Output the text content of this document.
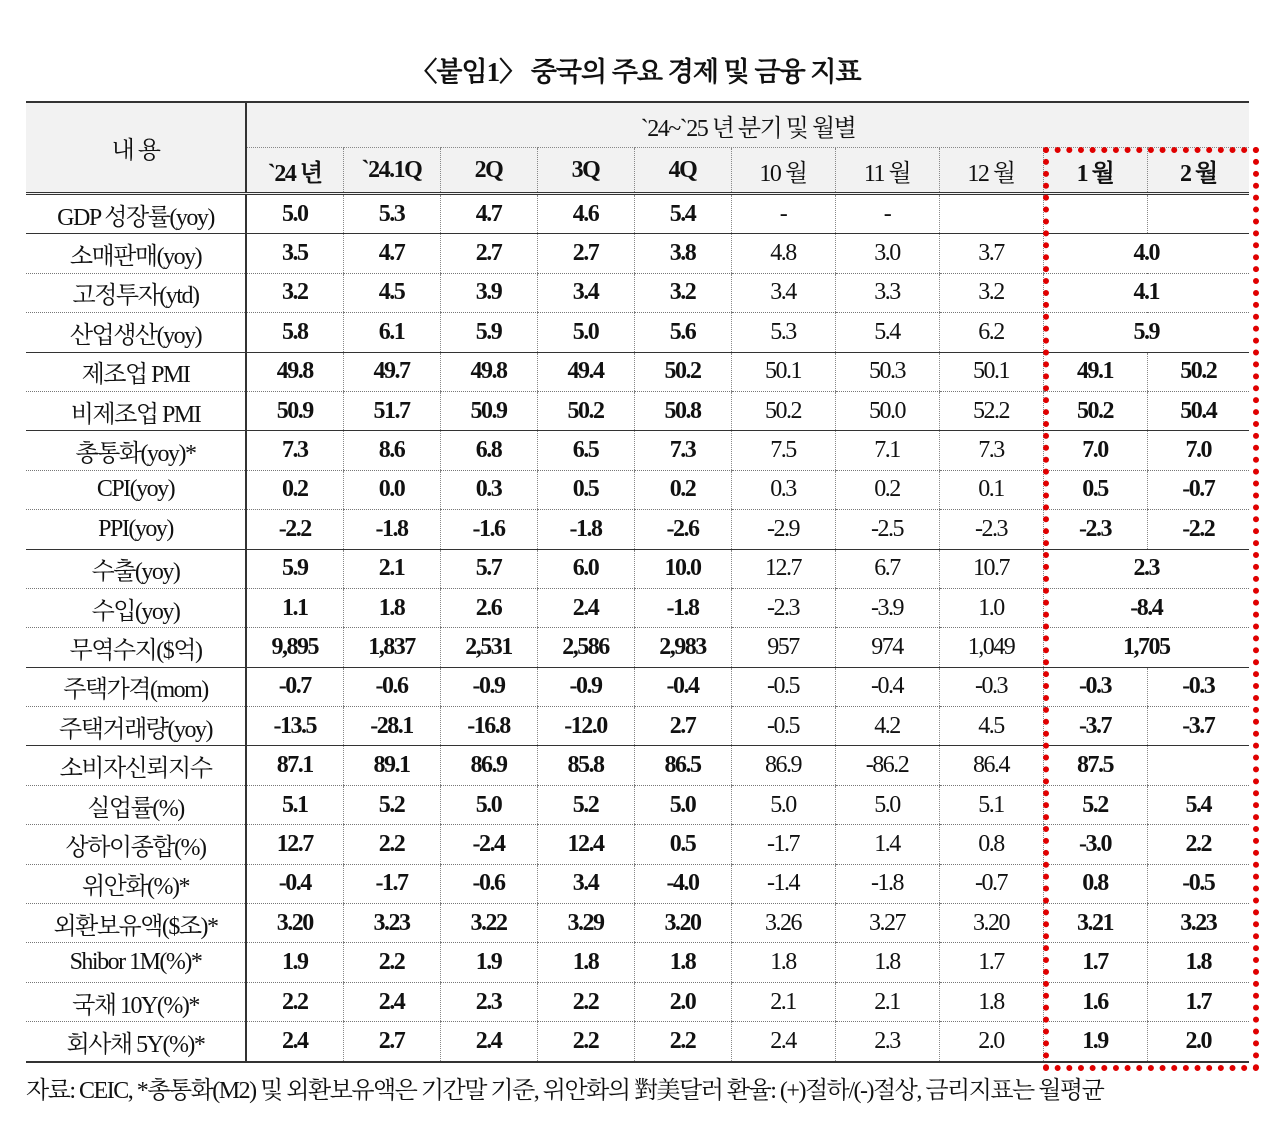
〈붙임1〉 중국의 주요 경제 및 금융 지표
내 용	`24~`25 년 분기 및 월별									
	`24 년	`24.1Q	2Q	3Q	4Q	10 월	11 월	12 월	1 월	2 월
GDP 성장률(yoy)	5.0	5.3	4.7	4.6	5.4	-	-			
소매판매(yoy)	3.5	4.7	2.7	2.7	3.8	4.8	3.0	3.7	4.0	
고정투자(ytd)	3.2	4.5	3.9	3.4	3.2	3.4	3.3	3.2	4.1	
산업생산(yoy)	5.8	6.1	5.9	5.0	5.6	5.3	5.4	6.2	5.9	
제조업 PMI	49.8	49.7	49.8	49.4	50.2	50.1	50.3	50.1	49.1	50.2
비제조업 PMI	50.9	51.7	50.9	50.2	50.8	50.2	50.0	52.2	50.2	50.4
총통화(yoy)*	7.3	8.6	6.8	6.5	7.3	7.5	7.1	7.3	7.0	7.0
CPI(yoy)	0.2	0.0	0.3	0.5	0.2	0.3	0.2	0.1	0.5	-0.7
PPI(yoy)	-2.2	-1.8	-1.6	-1.8	-2.6	-2.9	-2.5	-2.3	-2.3	-2.2
수출(yoy)	5.9	2.1	5.7	6.0	10.0	12.7	6.7	10.7	2.3	
수입(yoy)	1.1	1.8	2.6	2.4	-1.8	-2.3	-3.9	1.0	-8.4	
무역수지($억)	9,895	1,837	2,531	2,586	2,983	957	974	1,049	1,705	
주택가격(mom)	-0.7	-0.6	-0.9	-0.9	-0.4	-0.5	-0.4	-0.3	-0.3	-0.3
주택거래량(yoy)	-13.5	-28.1	-16.8	-12.0	2.7	-0.5	4.2	4.5	-3.7	-3.7
소비자신뢰지수	87.1	89.1	86.9	85.8	86.5	86.9	-86.2	86.4	87.5	
실업률(%)	5.1	5.2	5.0	5.2	5.0	5.0	5.0	5.1	5.2	5.4
상하이종합(%)	12.7	2.2	-2.4	12.4	0.5	-1.7	1.4	0.8	-3.0	2.2
위안화(%)*	-0.4	-1.7	-0.6	3.4	-4.0	-1.4	-1.8	-0.7	0.8	-0.5
외환보유액($조)*	3.20	3.23	3.22	3.29	3.20	3.26	3.27	3.20	3.21	3.23
Shibor 1M(%)*	1.9	2.2	1.9	1.8	1.8	1.8	1.8	1.7	1.7	1.8
국채 10Y(%)*	2.2	2.4	2.3	2.2	2.0	2.1	2.1	1.8	1.6	1.7
회사채 5Y(%)*	2.4	2.7	2.4	2.2	2.2	2.4	2.3	2.0	1.9	2.0
자료: CEIC, *총통화(M2) 및 외환보유액은 기간말 기준, 위안화의 對美달러 환율: (+)절하/(-)절상, 금리지표는 월평균
